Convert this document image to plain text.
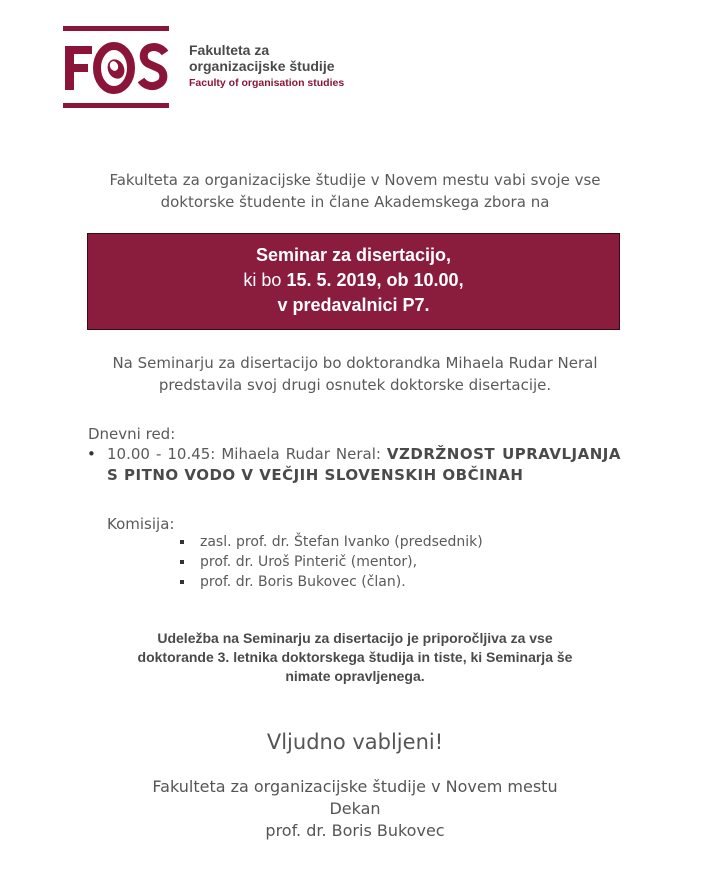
Fakulteta za
organizacijske študije
Faculty of organisation studies
Fakulteta za organizacijske študije v Novem mestu vabi svoje vse
doktorske študente in člane Akademskega zbora na
Seminar za disertacijo,
ki bo 15. 5. 2019, ob 10.00,
v predavalnici P7.
Na Seminarju za disertacijo bo doktorandka Mihaela Rudar Neral
predstavila svoj drugi osnutek doktorske disertacije.
Dnevni red:
• 10.00 - 10.45: Mihaela Rudar Neral: VZDRŽNOST UPRAVLJANJA S PITNO VODO V VEČJIH SLOVENSKIH OBČINAH
Komisija:
zasl. prof. dr. Štefan Ivanko (predsednik)
prof. dr. Uroš Pinterič (mentor),
prof. dr. Boris Bukovec (član).
Udeležba na Seminarju za disertacijo je priporočljiva za vse
doktorande 3. letnika doktorskega študija in tiste, ki Seminarja še
nimate opravljenega.
Vljudno vabljeni!
Fakulteta za organizacijske študije v Novem mestu
Dekan
prof. dr. Boris Bukovec
